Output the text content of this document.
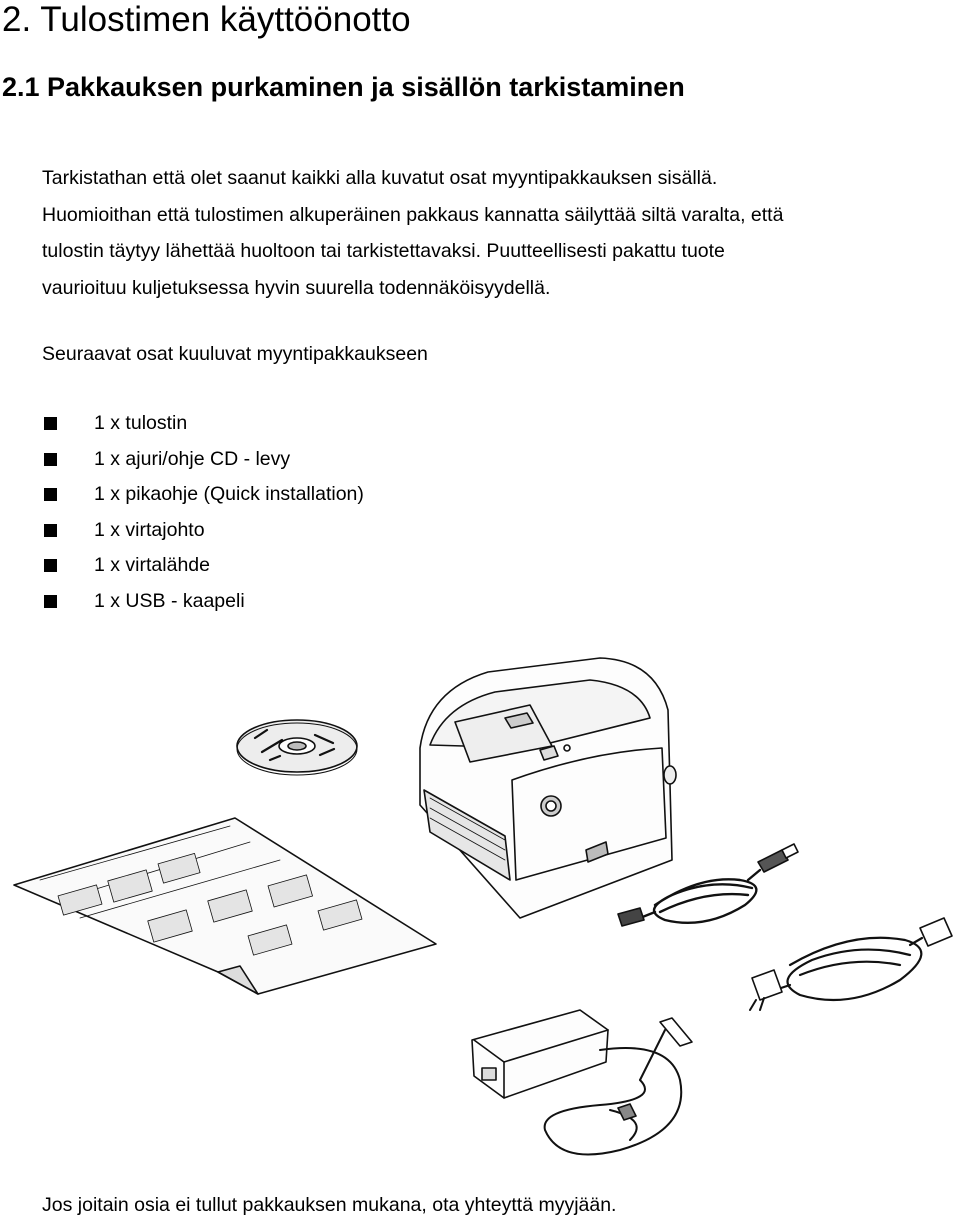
2. Tulostimen käyttöönotto
2.1 Pakkauksen purkaminen ja sisällön tarkistaminen
Tarkistathan että olet saanut kaikki alla kuvatut osat myyntipakkauksen sisällä.
Huomioithan että tulostimen alkuperäinen pakkaus kannatta säilyttää siltä varalta, että
tulostin täytyy lähettää huoltoon tai tarkistettavaksi. Puutteellisesti pakattu tuote
vaurioituu kuljetuksessa hyvin suurella todennäköisyydellä.
Seuraavat osat kuuluvat myyntipakkaukseen
1 x tulostin
1 x ajuri/ohje CD - levy
1 x pikaohje (Quick installation)
1 x virtajohto
1 x virtalähde
1 x USB - kaapeli
Jos joitain osia ei tullut pakkauksen mukana, ota yhteyttä myyjään.
